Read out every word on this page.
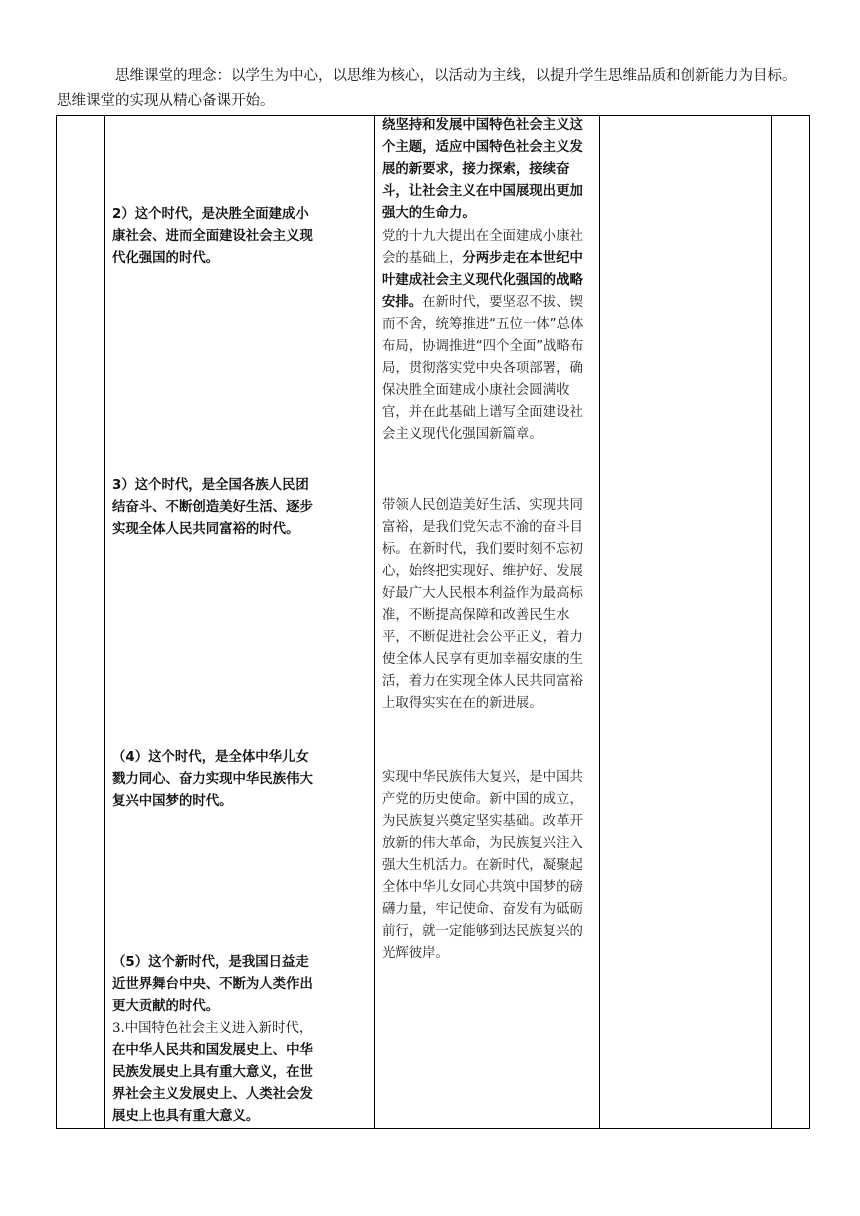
思维课堂的理念：以学生为中心，以思维为核心，以活动为主线，以提升学生思维品质和创新能力为目标。思维课堂的实现从精心备课开始。

2）这个时代，是决胜全面建成小康社会、进而全面建设社会主义现代化强国的时代。

3）这个时代，是全国各族人民团结奋斗、不断创造美好生活、逐步实现全体人民共同富裕的时代。

（4）这个时代，是全体中华儿女戮力同心、奋力实现中华民族伟大复兴中国梦的时代。

（5）这个新时代，是我国日益走近世界舞台中央、不断为人类作出更大贡献的时代。

3.中国特色社会主义进入新时代，在中华人民共和国发展史上、中华民族发展史上具有重大意义，在世界社会主义发展史上、人类社会发展史上也具有重大意义。

绕坚持和发展中国特色社会主义这个主题，适应中国特色社会主义发展的新要求，接力探索，接续奋斗，让社会主义在中国展现出更加强大的生命力。

党的十九大提出在全面建成小康社会的基础上，分两步走在本世纪中叶建成社会主义现代化强国的战略安排。在新时代，要坚忍不拔、锲而不舍，统筹推进“五位一体”总体布局，协调推进“四个全面”战略布局，贯彻落实党中央各项部署，确保决胜全面建成小康社会圆满收官，并在此基础上谱写全面建设社会主义现代化强国新篇章。

带领人民创造美好生活、实现共同富裕，是我们党矢志不渝的奋斗目标。在新时代，我们要时刻不忘初心，始终把实现好、维护好、发展好最广大人民根本利益作为最高标准，不断提高保障和改善民生水平，不断促进社会公平正义，着力使全体人民享有更加幸福安康的生活，着力在实现全体人民共同富裕上取得实实在在的新进展。

实现中华民族伟大复兴，是中国共产党的历史使命。新中国的成立，为民族复兴奠定坚实基础。改革开放新的伟大革命，为民族复兴注入强大生机活力。在新时代，凝聚起全体中华儿女同心共筑中国梦的磅礴力量，牢记使命、奋发有为砥砺前行，就一定能够到达民族复兴的光辉彼岸。
